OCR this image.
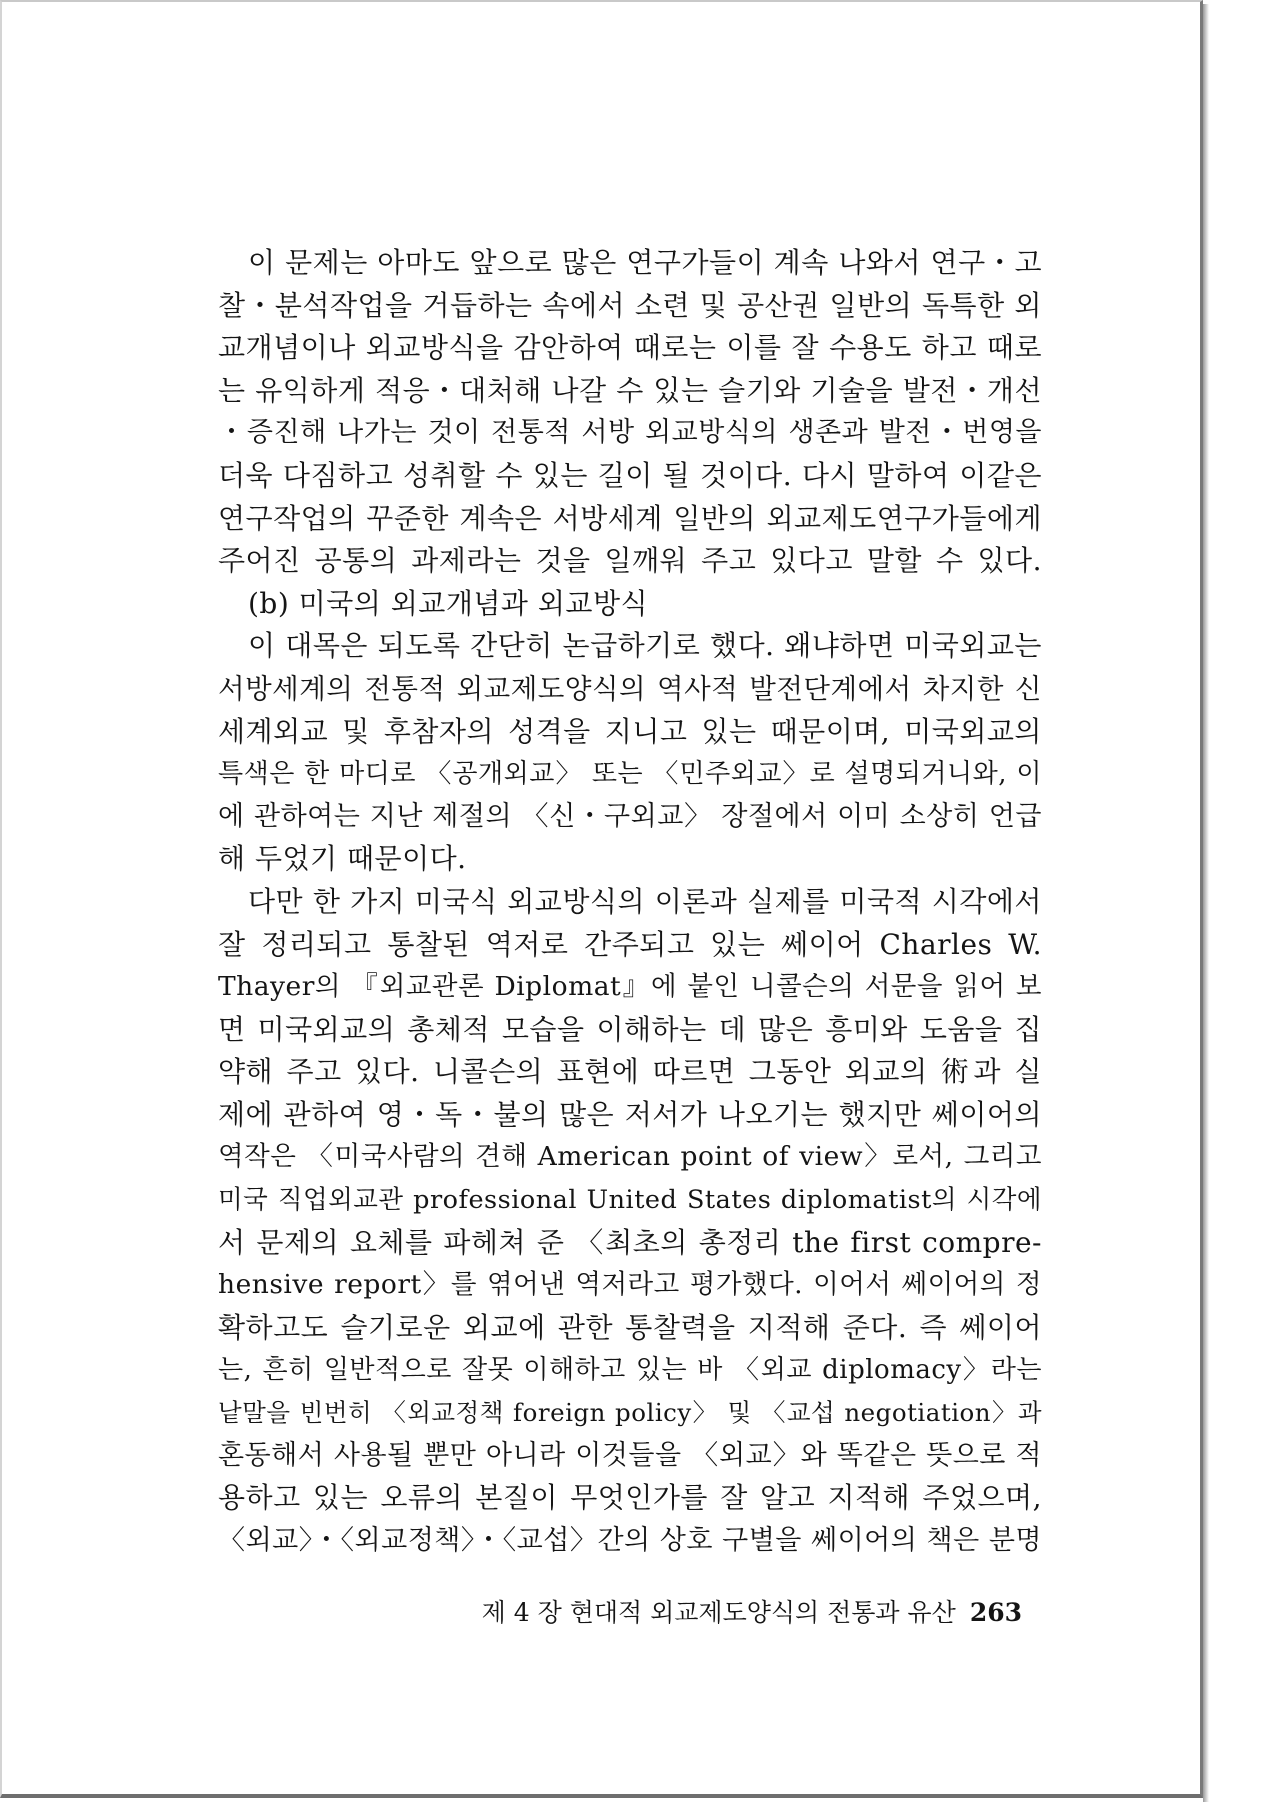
이 문제는 아마도 앞으로 많은 연구가들이 계속 나와서 연구・고
찰・분석작업을 거듭하는 속에서 소련 및 공산권 일반의 독특한 외
교개념이나 외교방식을 감안하여 때로는 이를 잘 수용도 하고 때로
는 유익하게 적응・대처해 나갈 수 있는 슬기와 기술을 발전・개선
・증진해 나가는 것이 전통적 서방 외교방식의 생존과 발전・번영을
더욱 다짐하고 성취할 수 있는 길이 될 것이다. 다시 말하여 이같은
연구작업의 꾸준한 계속은 서방세계 일반의 외교제도연구가들에게
주어진 공통의 과제라는 것을 일깨워 주고 있다고 말할 수 있다.
(b) 미국의 외교개념과 외교방식
이 대목은 되도록 간단히 논급하기로 했다. 왜냐하면 미국외교는
서방세계의 전통적 외교제도양식의 역사적 발전단계에서 차지한 신
세계외교 및 후참자의 성격을 지니고 있는 때문이며, 미국외교의
특색은 한 마디로 〈공개외교〉 또는 〈민주외교〉로 설명되거니와, 이
에 관하여는 지난 제절의 〈신・구외교〉 장절에서 이미 소상히 언급
해 두었기 때문이다.
다만 한 가지 미국식 외교방식의 이론과 실제를 미국적 시각에서
잘 정리되고 통찰된 역저로 간주되고 있는 쎄이어 Charles W.
Thayer의 『외교관론 Diplomat』에 붙인 니콜슨의 서문을 읽어 보
면 미국외교의 총체적 모습을 이해하는 데 많은 흥미와 도움을 집
약해 주고 있다. 니콜슨의 표현에 따르면 그동안 외교의 術과 실
제에 관하여 영・독・불의 많은 저서가 나오기는 했지만 쎄이어의
역작은 〈미국사람의 견해 American point of view〉로서, 그리고
미국 직업외교관 professional United States diplomatist의 시각에
서 문제의 요체를 파헤쳐 준 〈최초의 총정리 the first compre-
hensive report〉를 엮어낸 역저라고 평가했다. 이어서 쎄이어의 정
확하고도 슬기로운 외교에 관한 통찰력을 지적해 준다. 즉 쎄이어
는, 흔히 일반적으로 잘못 이해하고 있는 바 〈외교 diplomacy〉라는
낱말을 빈번히 〈외교정책 foreign policy〉 및 〈교섭 negotiation〉과
혼동해서 사용될 뿐만 아니라 이것들을 〈외교〉와 똑같은 뜻으로 적
용하고 있는 오류의 본질이 무엇인가를 잘 알고 지적해 주었으며,
〈외교〉・〈외교정책〉・〈교섭〉간의 상호 구별을 쎄이어의 책은 분명
제 4 장 현대적 외교제도양식의 전통과 유산 263
